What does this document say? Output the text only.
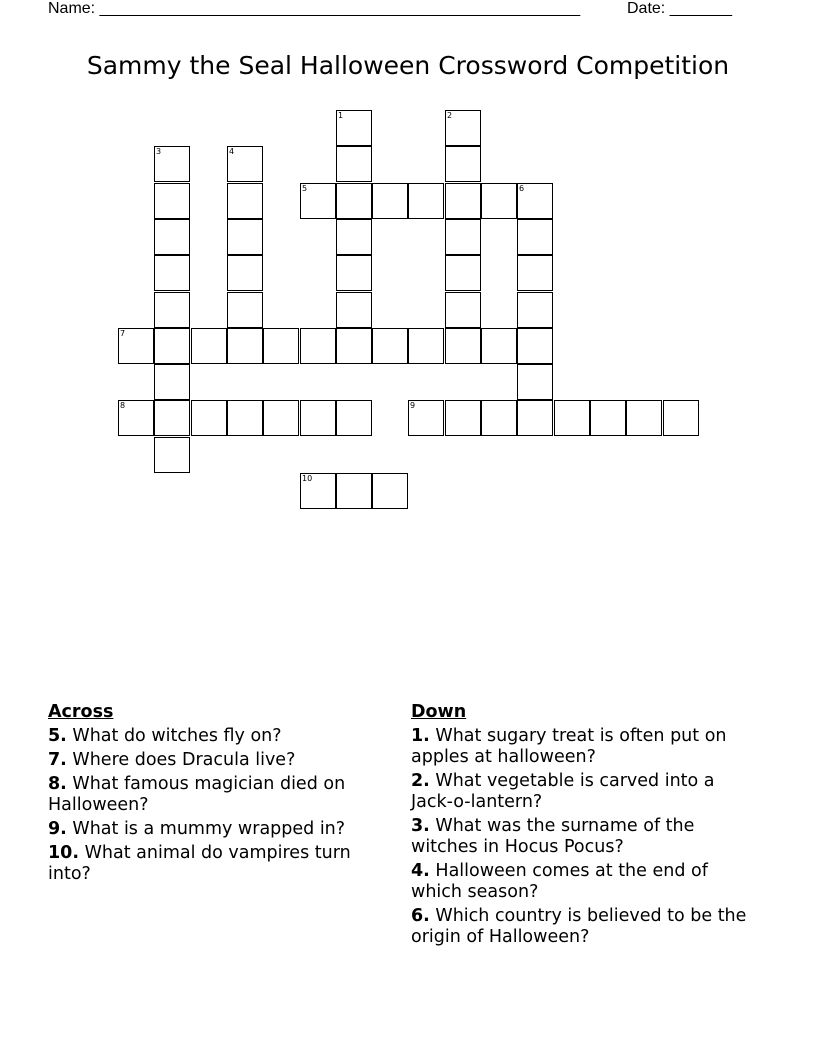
Name: ______________________________________________________	Date: _______
Sammy the Seal Halloween Crossword Competition
1	2
3	4
5	6
7
8	9
10
Across
5. What do witches fly on?
7. Where does Dracula live?
8. What famous magician died on Halloween?
9. What is a mummy wrapped in?
10. What animal do vampires turn into?
Down
1. What sugary treat is often put on apples at halloween?
2. What vegetable is carved into a Jack-o-lantern?
3. What was the surname of the witches in Hocus Pocus?
4. Halloween comes at the end of which season?
6. Which country is believed to be the origin of Halloween?
